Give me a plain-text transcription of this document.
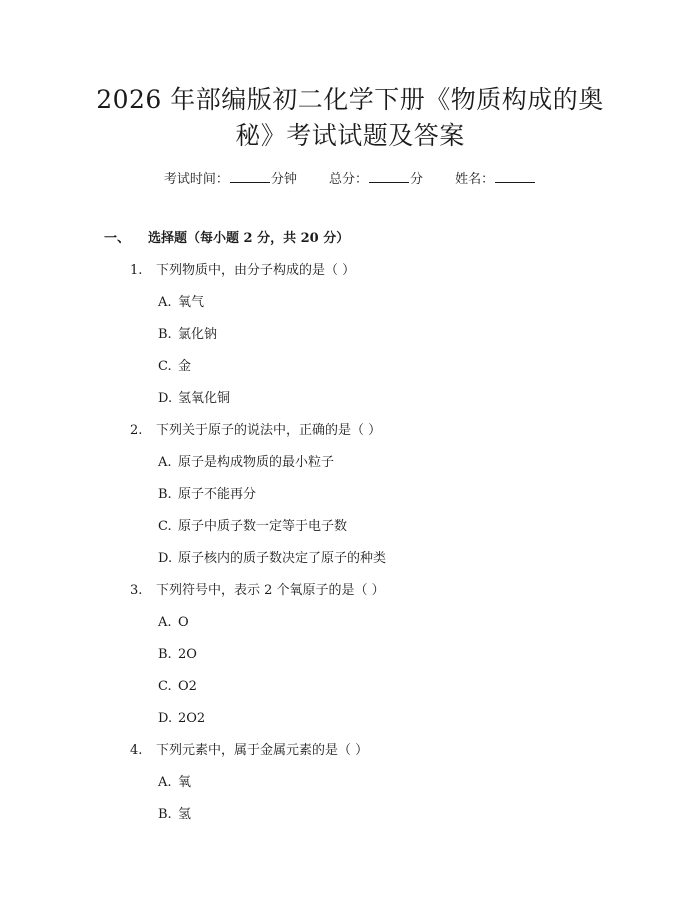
2026 年部编版初二化学下册《物质构成的奥
秘》考试试题及答案
考试时间：	分钟 总分：	分 姓名：
一、 选择题（每小题 2 分，共 20 分）
1. 下列物质中，由分子构成的是（ ）
A. 氧气
B. 氯化钠
C. 金
D. 氢氧化铜
2. 下列关于原子的说法中，正确的是（ ）
A. 原子是构成物质的最小粒子
B. 原子不能再分
C. 原子中质子数一定等于电子数
D. 原子核内的质子数决定了原子的种类
3. 下列符号中，表示 2 个氧原子的是（ ）
A. O
B. 2O
C. O2
D. 2O2
4. 下列元素中，属于金属元素的是（ ）
A. 氧
B. 氢
